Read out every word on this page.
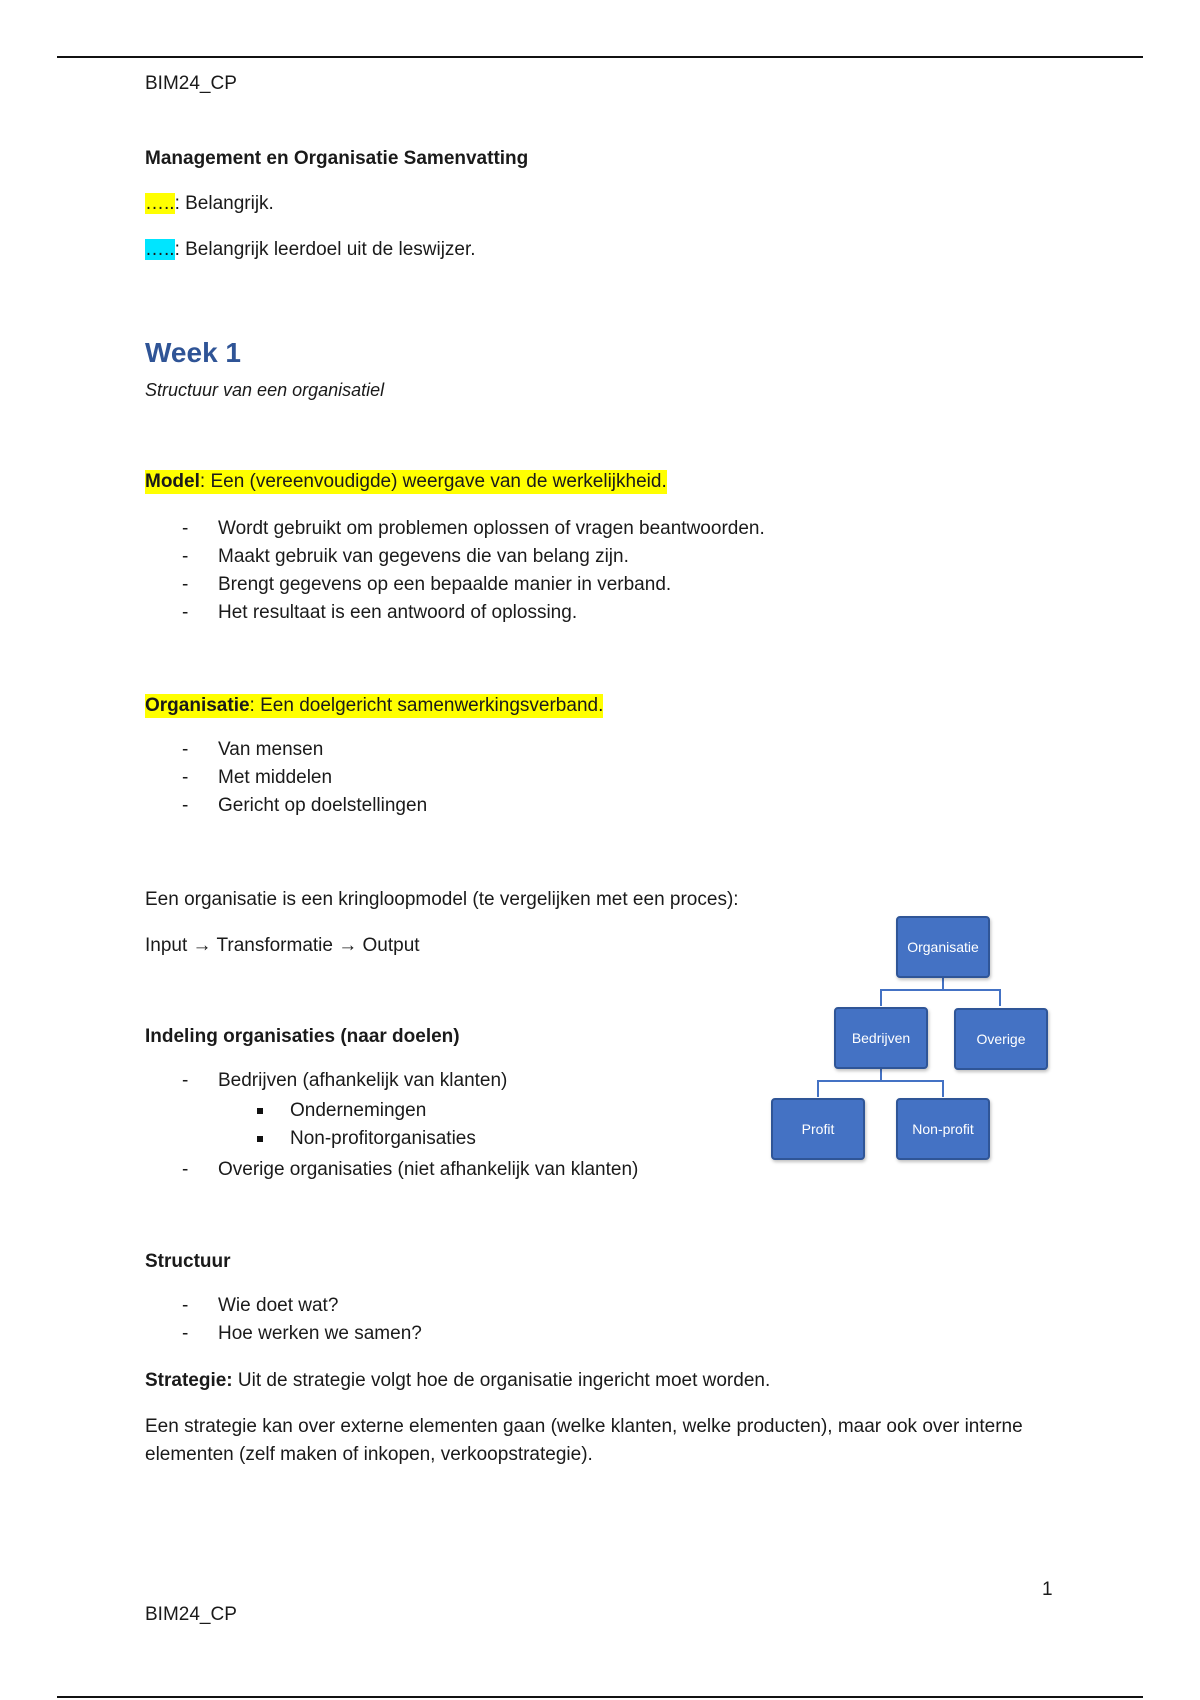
BIM24_CP
Management en Organisatie Samenvatting
…..: Belangrijk.
…..: Belangrijk leerdoel uit de leswijzer.
Week 1
Structuur van een organisatiel
Model: Een (vereenvoudigde) weergave van de werkelijkheid.
- Wordt gebruikt om problemen oplossen of vragen beantwoorden.
- Maakt gebruik van gegevens die van belang zijn.
- Brengt gegevens op een bepaalde manier in verband.
- Het resultaat is een antwoord of oplossing.
Organisatie: Een doelgericht samenwerkingsverband.
- Van mensen
- Met middelen
- Gericht op doelstellingen
Een organisatie is een kringloopmodel (te vergelijken met een proces):
Input → Transformatie → Output
Indeling organisaties (naar doelen)
- Bedrijven (afhankelijk van klanten)
Ondernemingen
Non-profitorganisaties
- Overige organisaties (niet afhankelijk van klanten)
Organisatie
Bedrijven	Overige
Profit	Non-profit
Structuur
- Wie doet wat?
- Hoe werken we samen?
Strategie: Uit de strategie volgt hoe de organisatie ingericht moet worden.
Een strategie kan over externe elementen gaan (welke klanten, welke producten), maar ook over interne elementen (zelf maken of inkopen, verkoopstrategie).
1
BIM24_CP
